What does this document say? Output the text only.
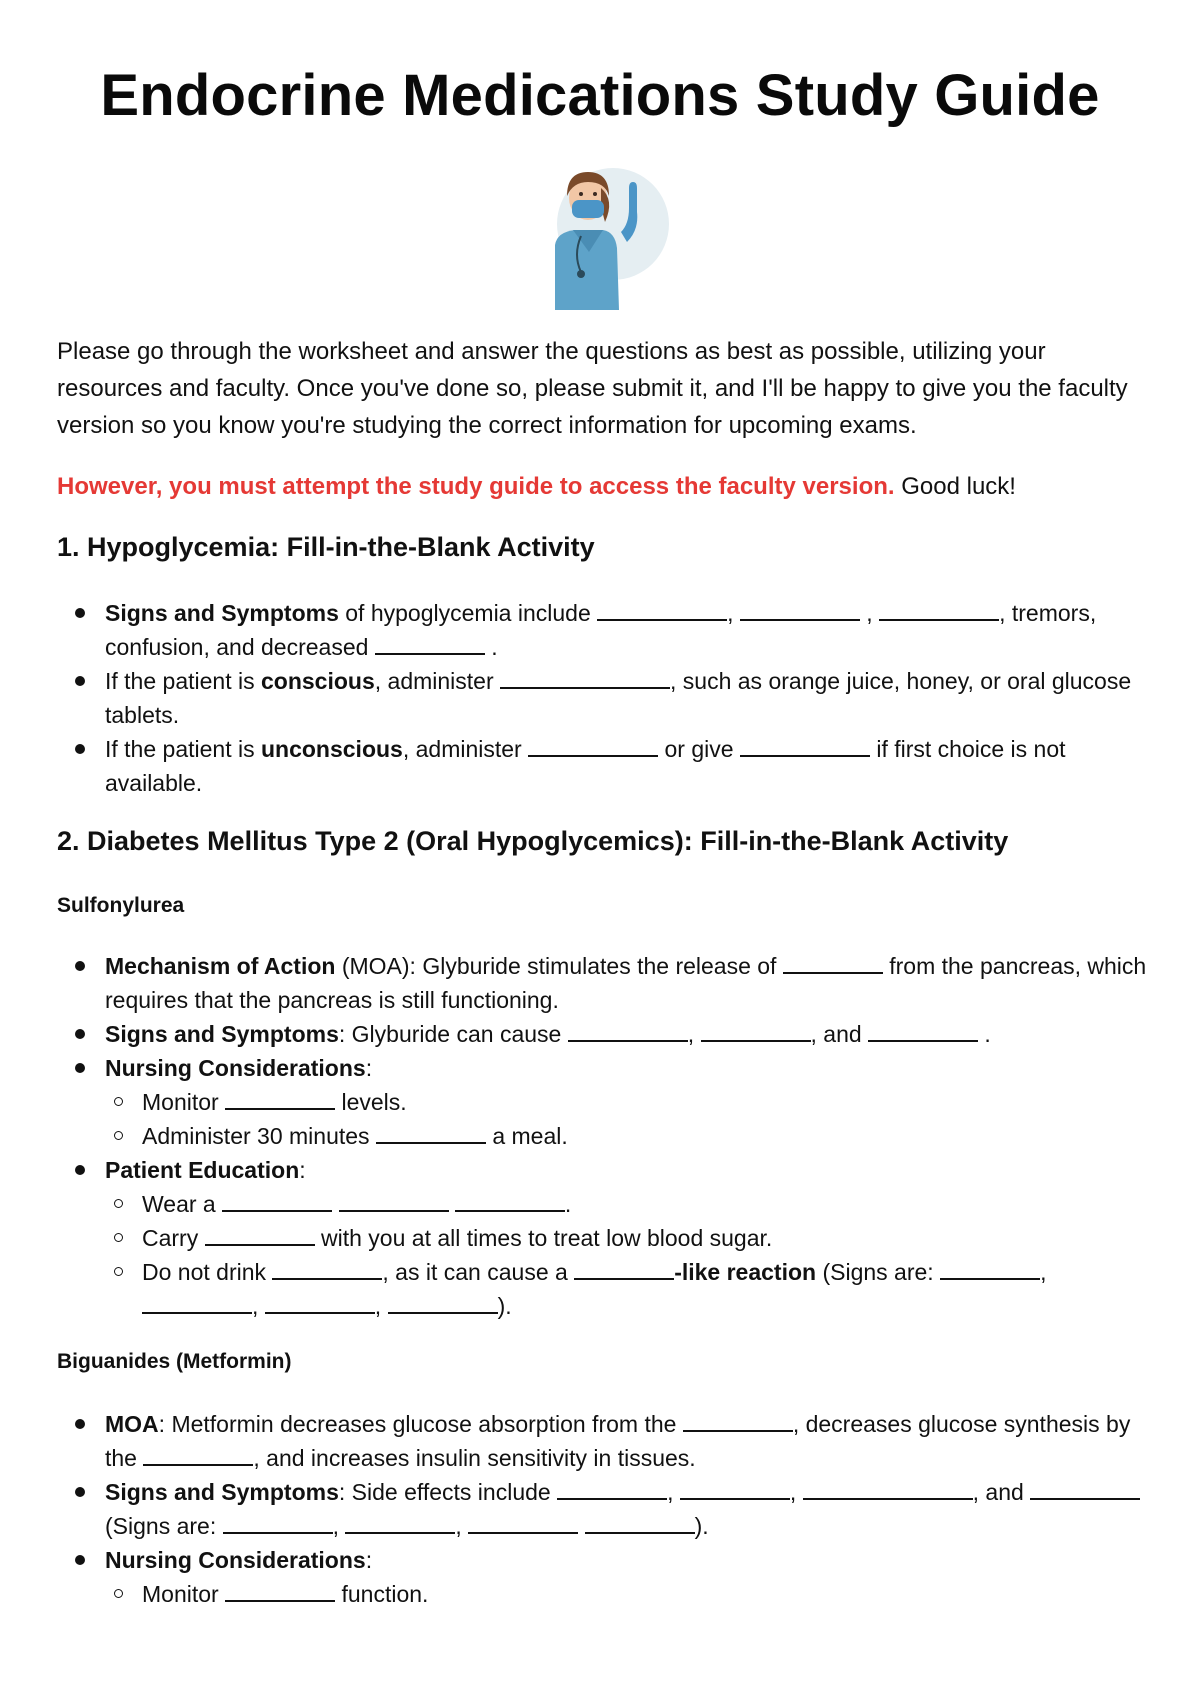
Endocrine Medications Study Guide
Please go through the worksheet and answer the questions as best as possible, utilizing your resources and faculty. Once you've done so, please submit it, and I'll be happy to give you the faculty version so you know you're studying the correct information for upcoming exams.
However, you must attempt the study guide to access the faculty version. Good luck!
1. Hypoglycemia: Fill-in-the-Blank Activity
Signs and Symptoms of hypoglycemia include	,	,	, tremors, confusion, and decreased	.
If the patient is conscious, administer	, such as orange juice, honey, or oral glucose tablets.
If the patient is unconscious, administer	or give	if first choice is not available.
2. Diabetes Mellitus Type 2 (Oral Hypoglycemics): Fill-in-the-Blank Activity
Sulfonylurea
Mechanism of Action (MOA): Glyburide stimulates the release of	from the pancreas, which requires that the pancreas is still functioning.
Signs and Symptoms: Glyburide can cause	,	, and	.
Nursing Considerations:
Monitor	levels.
Administer 30 minutes	a meal.
Patient Education:
Wear a	.
Carry	with you at all times to treat low blood sugar.
Do not drink	, as it can cause a	-like reaction (Signs are:	, ,	,	).
Biguanides (Metformin)
MOA: Metformin decreases glucose absorption from the	, decreases glucose synthesis by the	, and increases insulin sensitivity in tissues.
Signs and Symptoms: Side effects include	,	,	, and  (Signs are:	,	,	).
Nursing Considerations:
Monitor	function.
